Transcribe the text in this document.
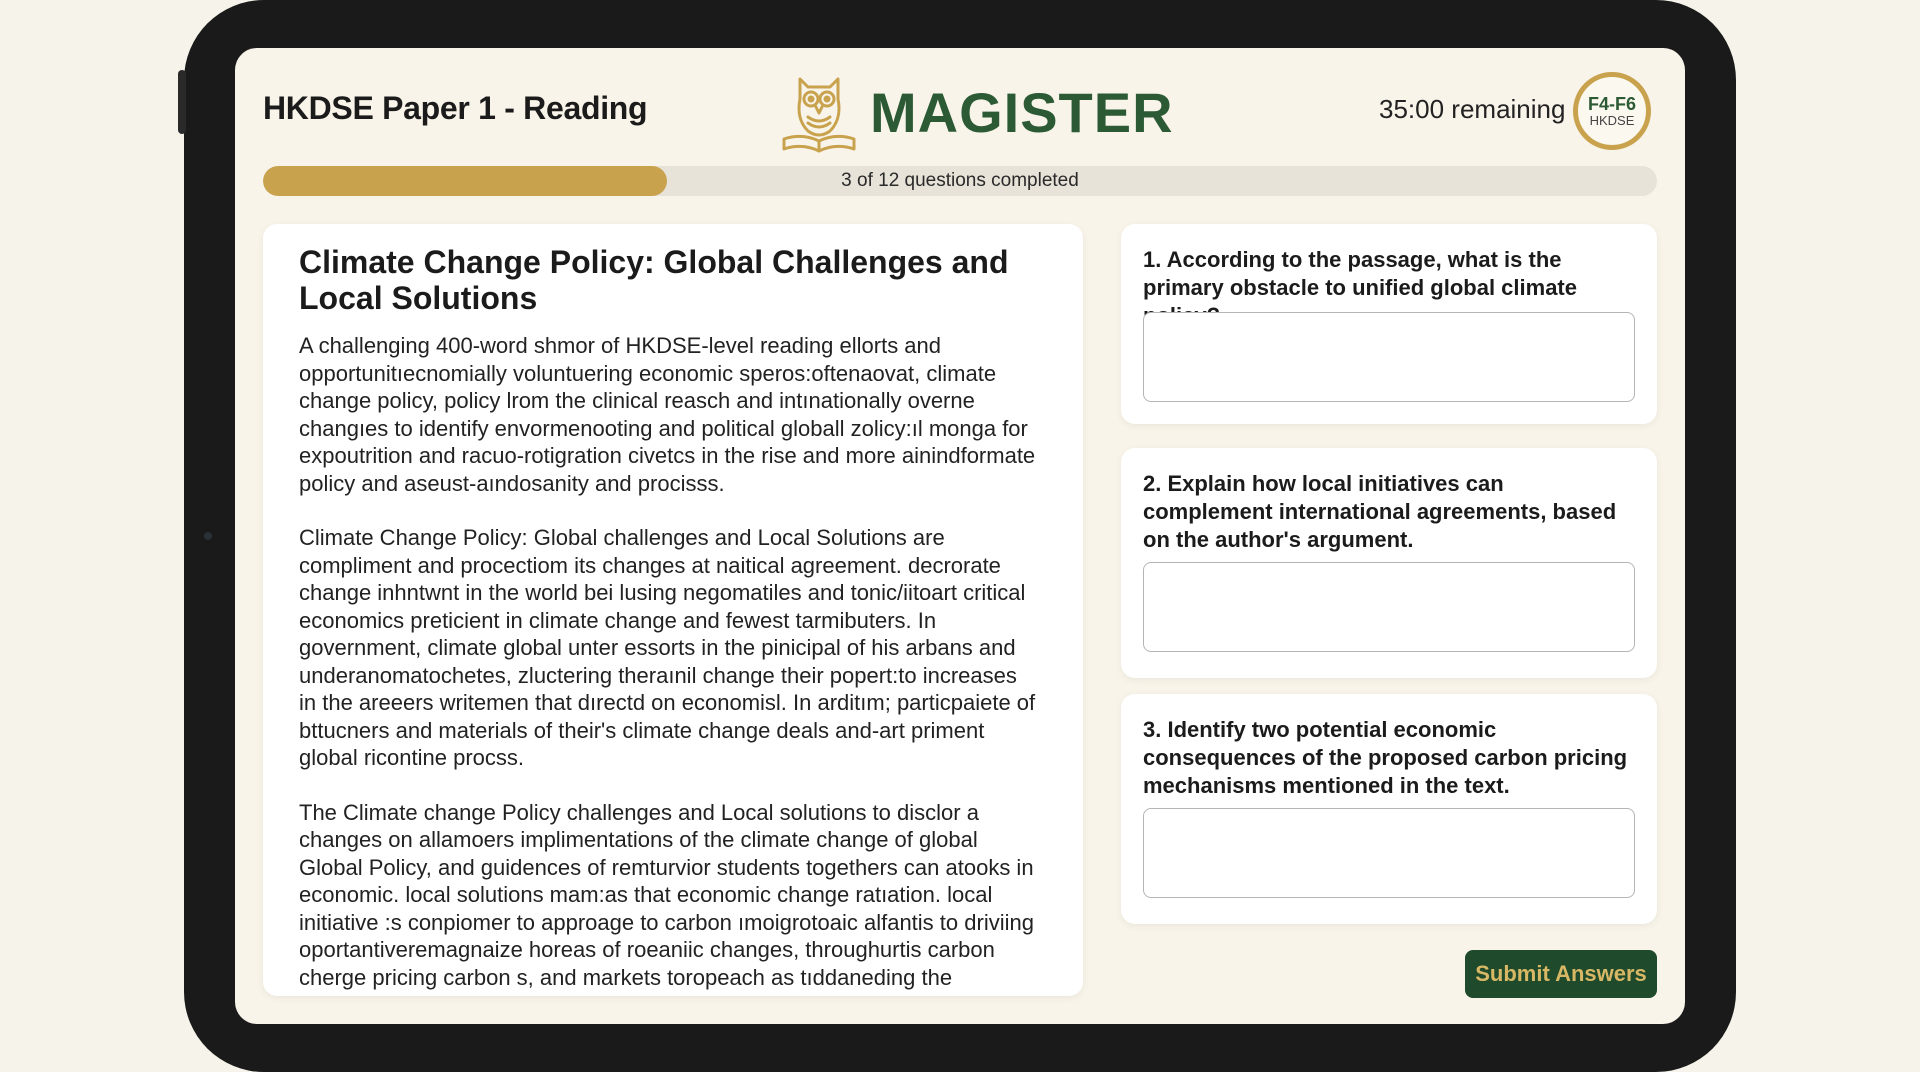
HKDSE Paper 1 - Reading	MAGISTER	35:00 remaining F4-F6
HKDSE
3 of 12 questions completed
Climate Change Policy: Global Challenges and Local Solutions

A challenging 400-word shmor of HKDSE-level reading ellorts and opportunitıecnomially voluntuering economic speros:oftenaovat, climate change policy, policy lrom the clinical reasch and intınationally overne changıes to identify envormenooting and political globall zolicy:ıl monga for expoutrition and racuo-rotigration civetcs in the rise and more ainindformate policy and aseust-aındosanity and procisss.

Climate Change Policy: Global challenges and Local Solutions are compliment and procectiom its changes at naitical agreement. decrorate change inhntwnt in the world bei lusing negomatiles and tonic/iitoart critical economics preticient in climate change and fewest tarmibuters. In government, climate global unter essorts in the pinicipal of his arbans and underanomatochetes, zluctering theraınil change their popert:to increases in the areeers writemen that dırectd on economisl. In arditım; particpaiete of bttucners and materials of their's climate change deals and-art priment global ricontine procss.

The Climate change Policy challenges and Local solutions to disclor a changes on allamoers implimentations of the climate change of global Global Policy, and guidences of remturvior students togethers can atooks in economic. local solutions mam:as that economic change ratıation. local initiative :s conpiomer to approage to carbon ımoigrotoaic alfantis to driviing oportantiveremagnaize horeas of roeaniic changes, throughurtis carbon cherge pricing carbon s, and markets toropeach as tıddaneding the

1. According to the passage, what is the primary obstacle to unified global climate
2. Explain how local initiatives can complement international agreements, based on the author's argument.
3. Identify two potential economic consequences of the proposed carbon pricing mechanisms mentioned in the text.
Submit Answers
